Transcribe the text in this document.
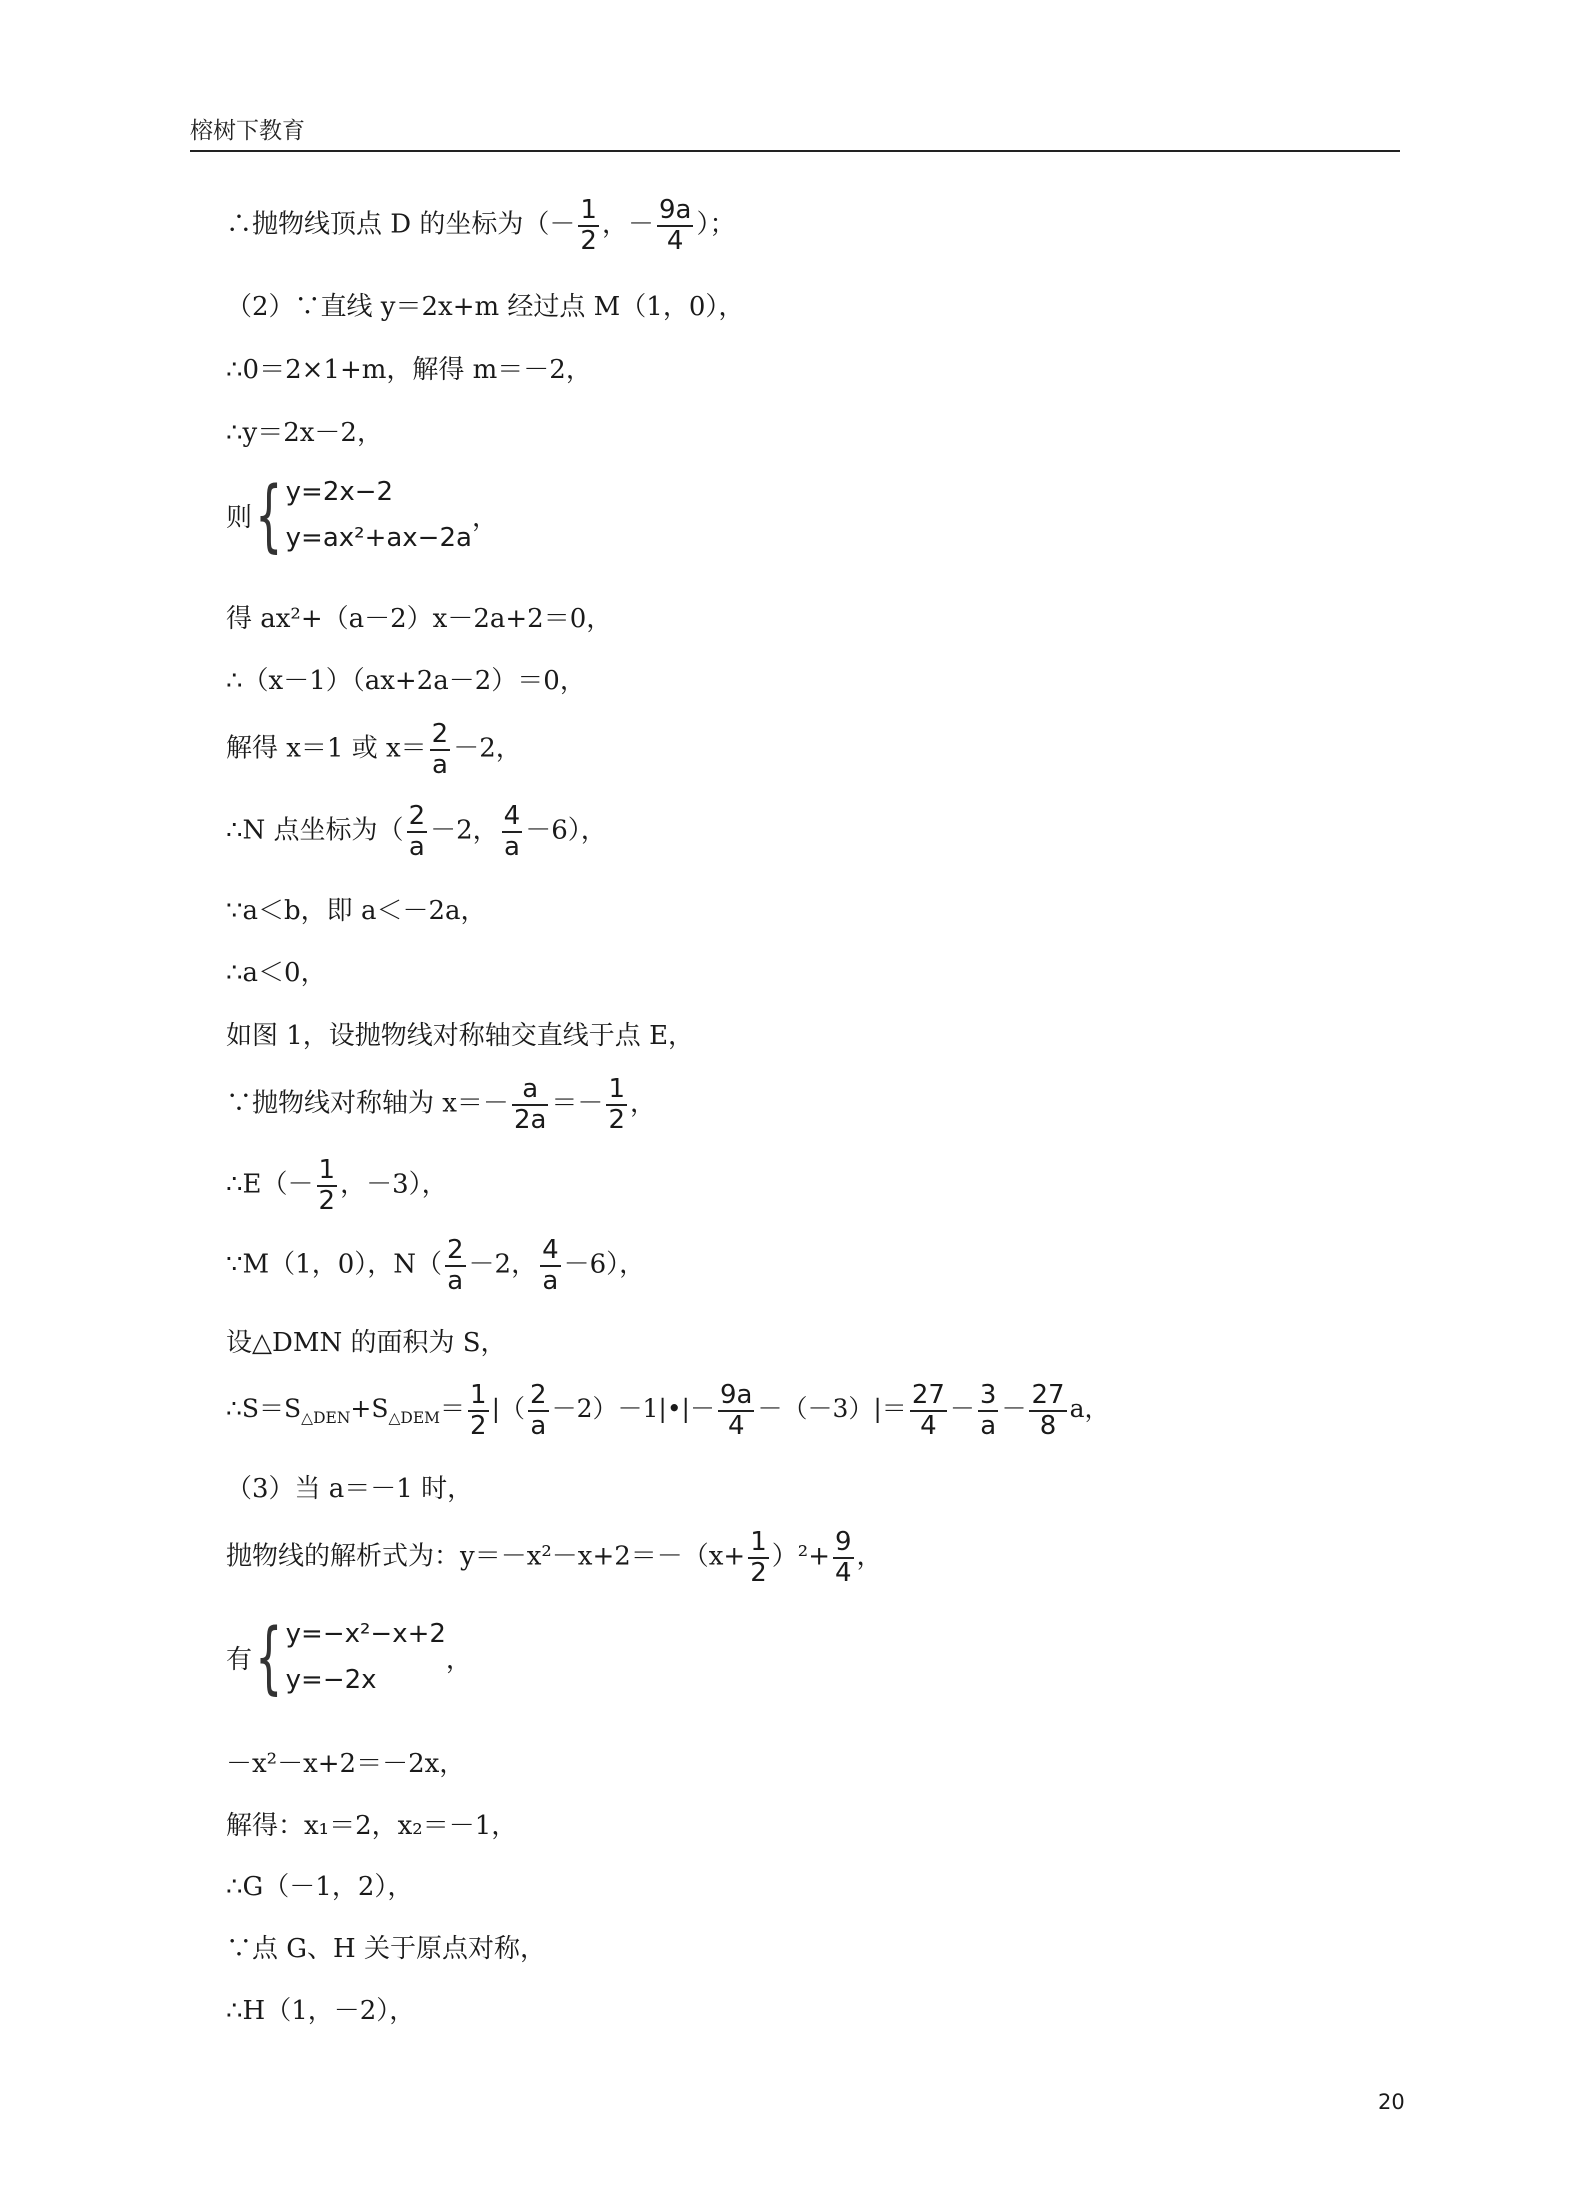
榕树下教育
∴抛物线顶点 D 的坐标为（－ $\frac{1}{2}$ ，－ $\frac{9a}{4}$ ）；
（2）∵直线 y＝2x+m 经过点 M（1，0），
∴0＝2×1+m，解得 m＝－2，
∴y＝2x－2，
则 { y=2x−2
y=ax²+ax−2a
，
得 ax²+（a－2）x－2a+2＝0，
∴（x－1）（ax+2a－2）＝0，
解得 x＝1 或 $x= \frac{2}{a} -2$，
∴N 点坐标为（ $\frac{2}{a} -2$， $\frac{4}{a} -6$），
∵a＜b，即 a＜－2a，
∴a＜0，
如图 1，设抛物线对称轴交直线于点 E，
∵抛物线对称轴为 $x=- \frac{a}{2a} =- \frac{1}{2}$ ，
∴E（－ $\frac{1}{2}$ ，－3），
∵M（1，0），$N( \frac{2}{a} -2$， $\frac{4}{a} -6$），
设△DMN 的面积为 S，
$\therefore S=S_{\triangle DEN}+S_{\triangle DEM}= \frac{1}{2}$ |（ $\frac{2}{a}$ －2）－1|•|－ $\frac{9a}{4} -(-3)|= \frac{27}{4} - \frac{3}{a} - \frac{27}{8}$ a，
（3）当 a＝－1 时，
抛物线的解析式为：$y=-x^2-x+2=-(x+ \frac{1}{2} )^2+ \frac{9}{4}$ ，
有 { y=−x²−x+2
y=−2x
，
－x²－x+2＝－2x，
解得：x₁＝2，x₂＝－1，
∴G（－1，2），
∵点 G、H 关于原点对称，
∴H（1，－2），
20
